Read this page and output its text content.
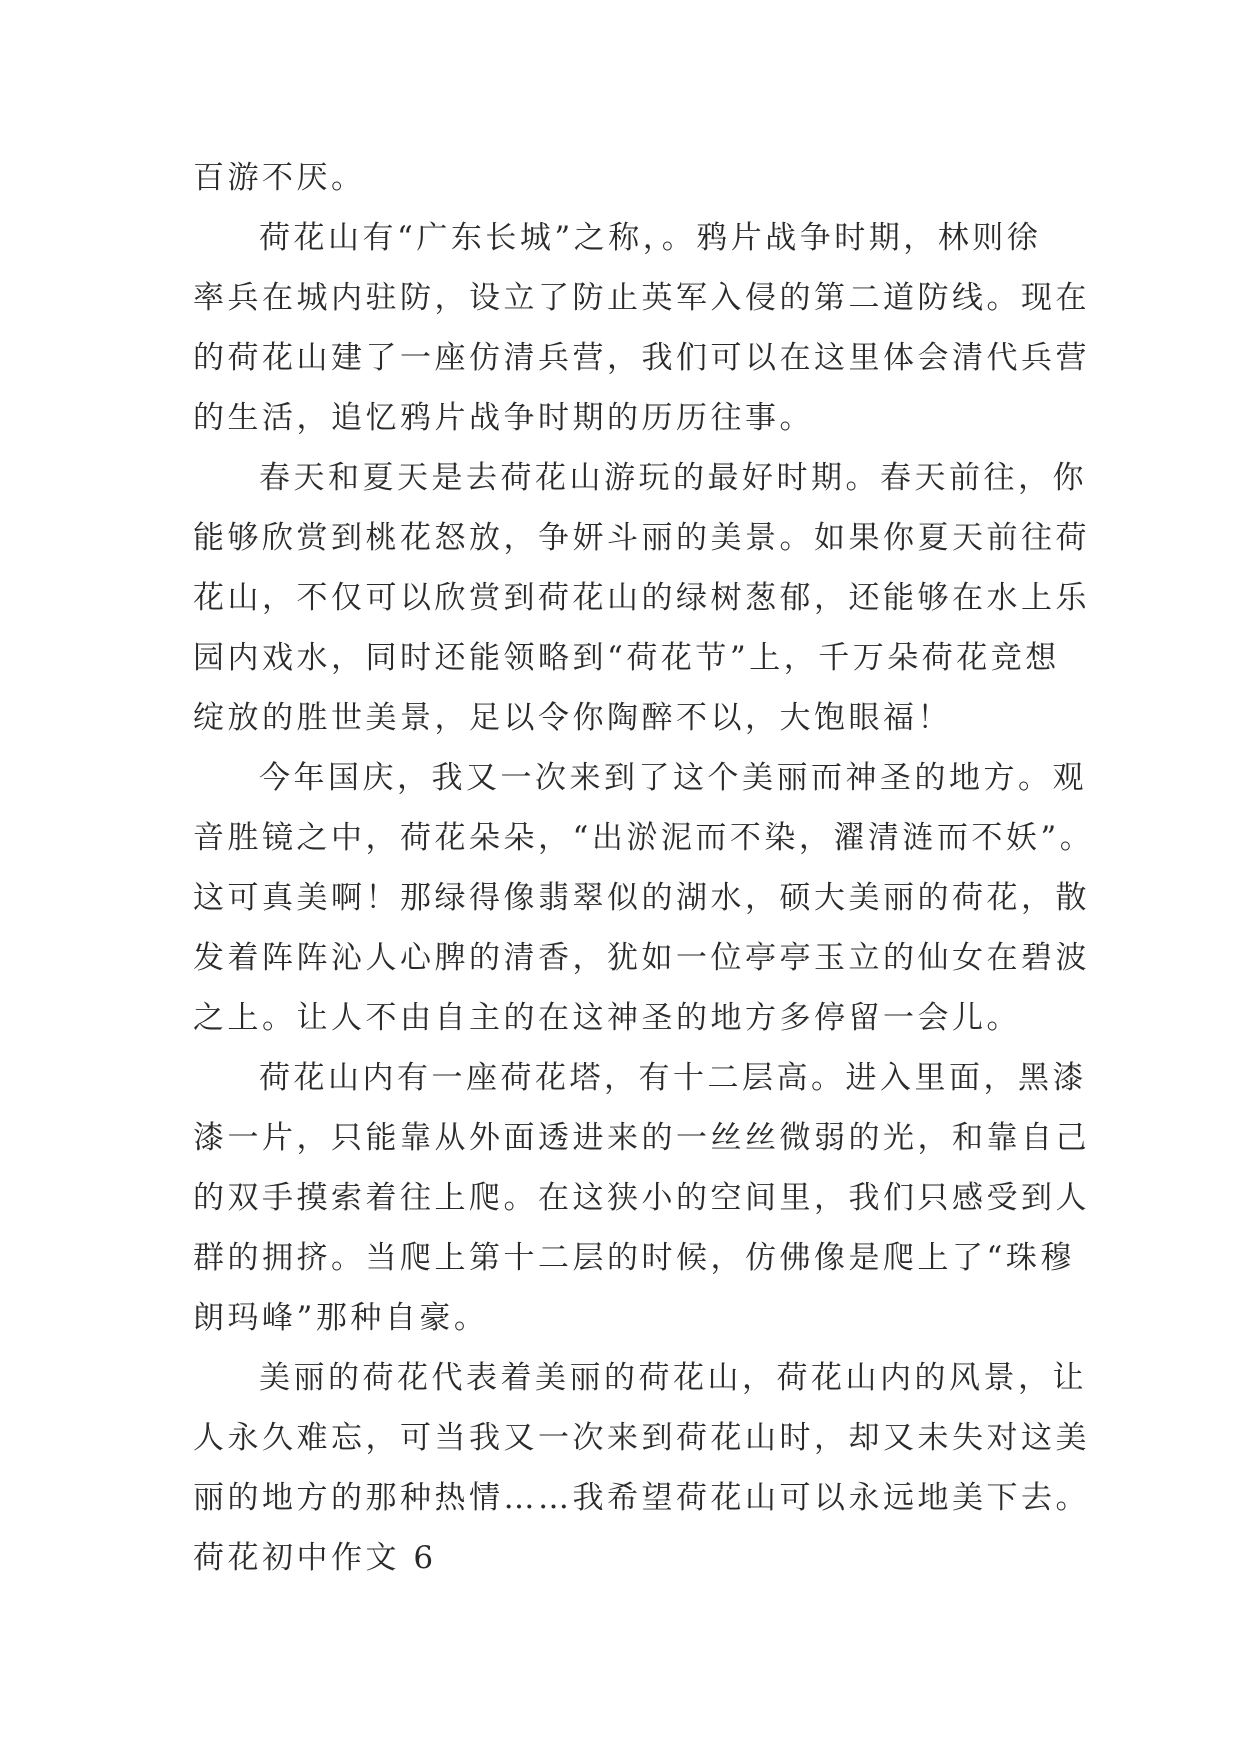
百游不厌。
荷花山有“广东长城”之称，。鸦片战争时期，林则徐
率兵在城内驻防，设立了防止英军入侵的第二道防线。现在
的荷花山建了一座仿清兵营，我们可以在这里体会清代兵营
的生活，追忆鸦片战争时期的历历往事。
春天和夏天是去荷花山游玩的最好时期。春天前往，你
能够欣赏到桃花怒放，争妍斗丽的美景。如果你夏天前往荷
花山，不仅可以欣赏到荷花山的绿树葱郁，还能够在水上乐
园内戏水，同时还能领略到“荷花节”上，千万朵荷花竞想
绽放的胜世美景，足以令你陶醉不以，大饱眼福！
今年国庆，我又一次来到了这个美丽而神圣的地方。观
音胜镜之中，荷花朵朵，“出淤泥而不染，濯清涟而不妖”。
这可真美啊！那绿得像翡翠似的湖水，硕大美丽的荷花，散
发着阵阵沁人心脾的清香，犹如一位亭亭玉立的仙女在碧波
之上。让人不由自主的在这神圣的地方多停留一会儿。
荷花山内有一座荷花塔，有十二层高。进入里面，黑漆
漆一片，只能靠从外面透进来的一丝丝微弱的光，和靠自己
的双手摸索着往上爬。在这狭小的空间里，我们只感受到人
群的拥挤。当爬上第十二层的时候，仿佛像是爬上了“珠穆
朗玛峰”那种自豪。
美丽的荷花代表着美丽的荷花山，荷花山内的风景，让
人永久难忘，可当我又一次来到荷花山时，却又未失对这美
丽的地方的那种热情……我希望荷花山可以永远地美下去。
荷花初中作文 6
